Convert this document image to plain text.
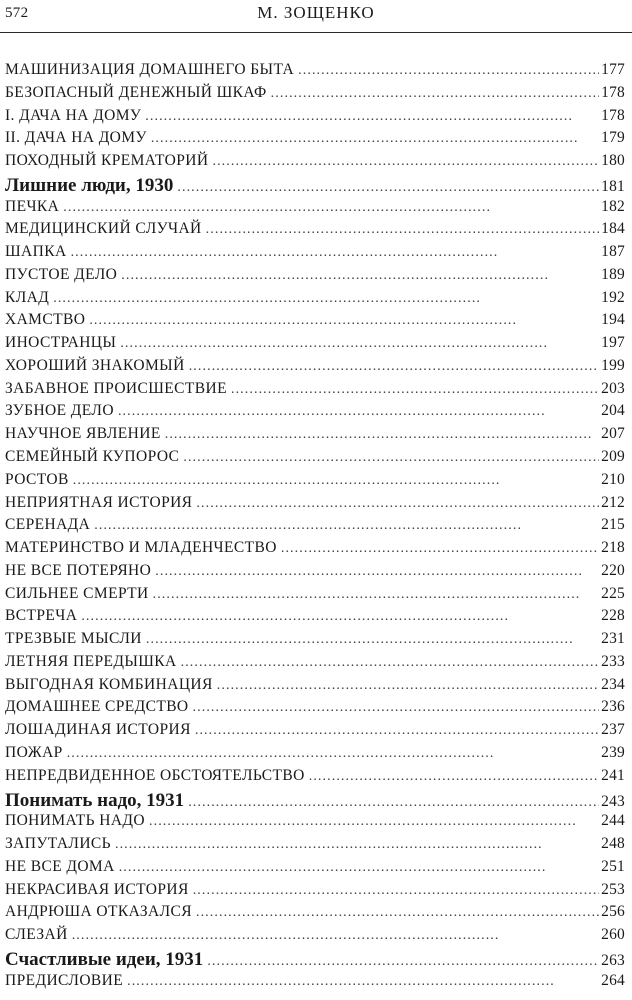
572	М. ЗОЩЕНКО
МАШИНИЗАЦИЯ ДОМАШНЕГО БЫТА . . .	177
БЕЗОПАСНЫЙ ДЕНЕЖНЫЙ ШКАФ . . .	178
I. ДАЧА НА ДОМУ . . .	178
II. ДАЧА НА ДОМУ . . .	179
ПОХОДНЫЙ КРЕМАТОРИЙ . . .	180
Лишние люди, 1930 . . .	181
ПЕЧКА . . .	182
МЕДИЦИНСКИЙ СЛУЧАЙ . . .	184
ШАПКА . . .	187
ПУСТОЕ ДЕЛО . . .	189
КЛАД . . .	192
ХАМСТВО . . .	194
ИНОСТРАНЦЫ . . .	197
ХОРОШИЙ ЗНАКОМЫЙ . . .	199
ЗАБАВНОЕ ПРОИСШЕСТВИЕ . . .	203
ЗУБНОЕ ДЕЛО . . .	204
НАУЧНОЕ ЯВЛЕНИЕ . . .	207
СЕМЕЙНЫЙ КУПОРОС . . .	209
РОСТОВ . . .	210
НЕПРИЯТНАЯ ИСТОРИЯ . . .	212
СЕРЕНАДА . . .	215
МАТЕРИНСТВО И МЛАДЕНЧЕСТВО . . .	218
НЕ ВСЕ ПОТЕРЯНО . . .	220
СИЛЬНЕЕ СМЕРТИ . . .	225
ВСТРЕЧА . . .	228
ТРЕЗВЫЕ МЫСЛИ . . .	231
ЛЕТНЯЯ ПЕРЕДЫШКА . . .	233
ВЫГОДНАЯ КОМБИНАЦИЯ . . .	234
ДОМАШНЕЕ СРЕДСТВО . . .	236
ЛОШАДИНАЯ ИСТОРИЯ . . .	237
ПОЖАР . . .	239
НЕПРЕДВИДЕННОЕ ОБСТОЯТЕЛЬСТВО . . .	241
Понимать надо, 1931 . . .	243
ПОНИМАТЬ НАДО . . .	244
ЗАПУТАЛИСЬ . . .	248
НЕ ВСЕ ДОМА . . .	251
НЕКРАСИВАЯ ИСТОРИЯ . . .	253
АНДРЮША ОТКАЗАЛСЯ . . .	256
СЛЕЗАЙ . . .	260
Счастливые идеи, 1931 . . .	263
ПРЕДИСЛОВИЕ . . .	264
